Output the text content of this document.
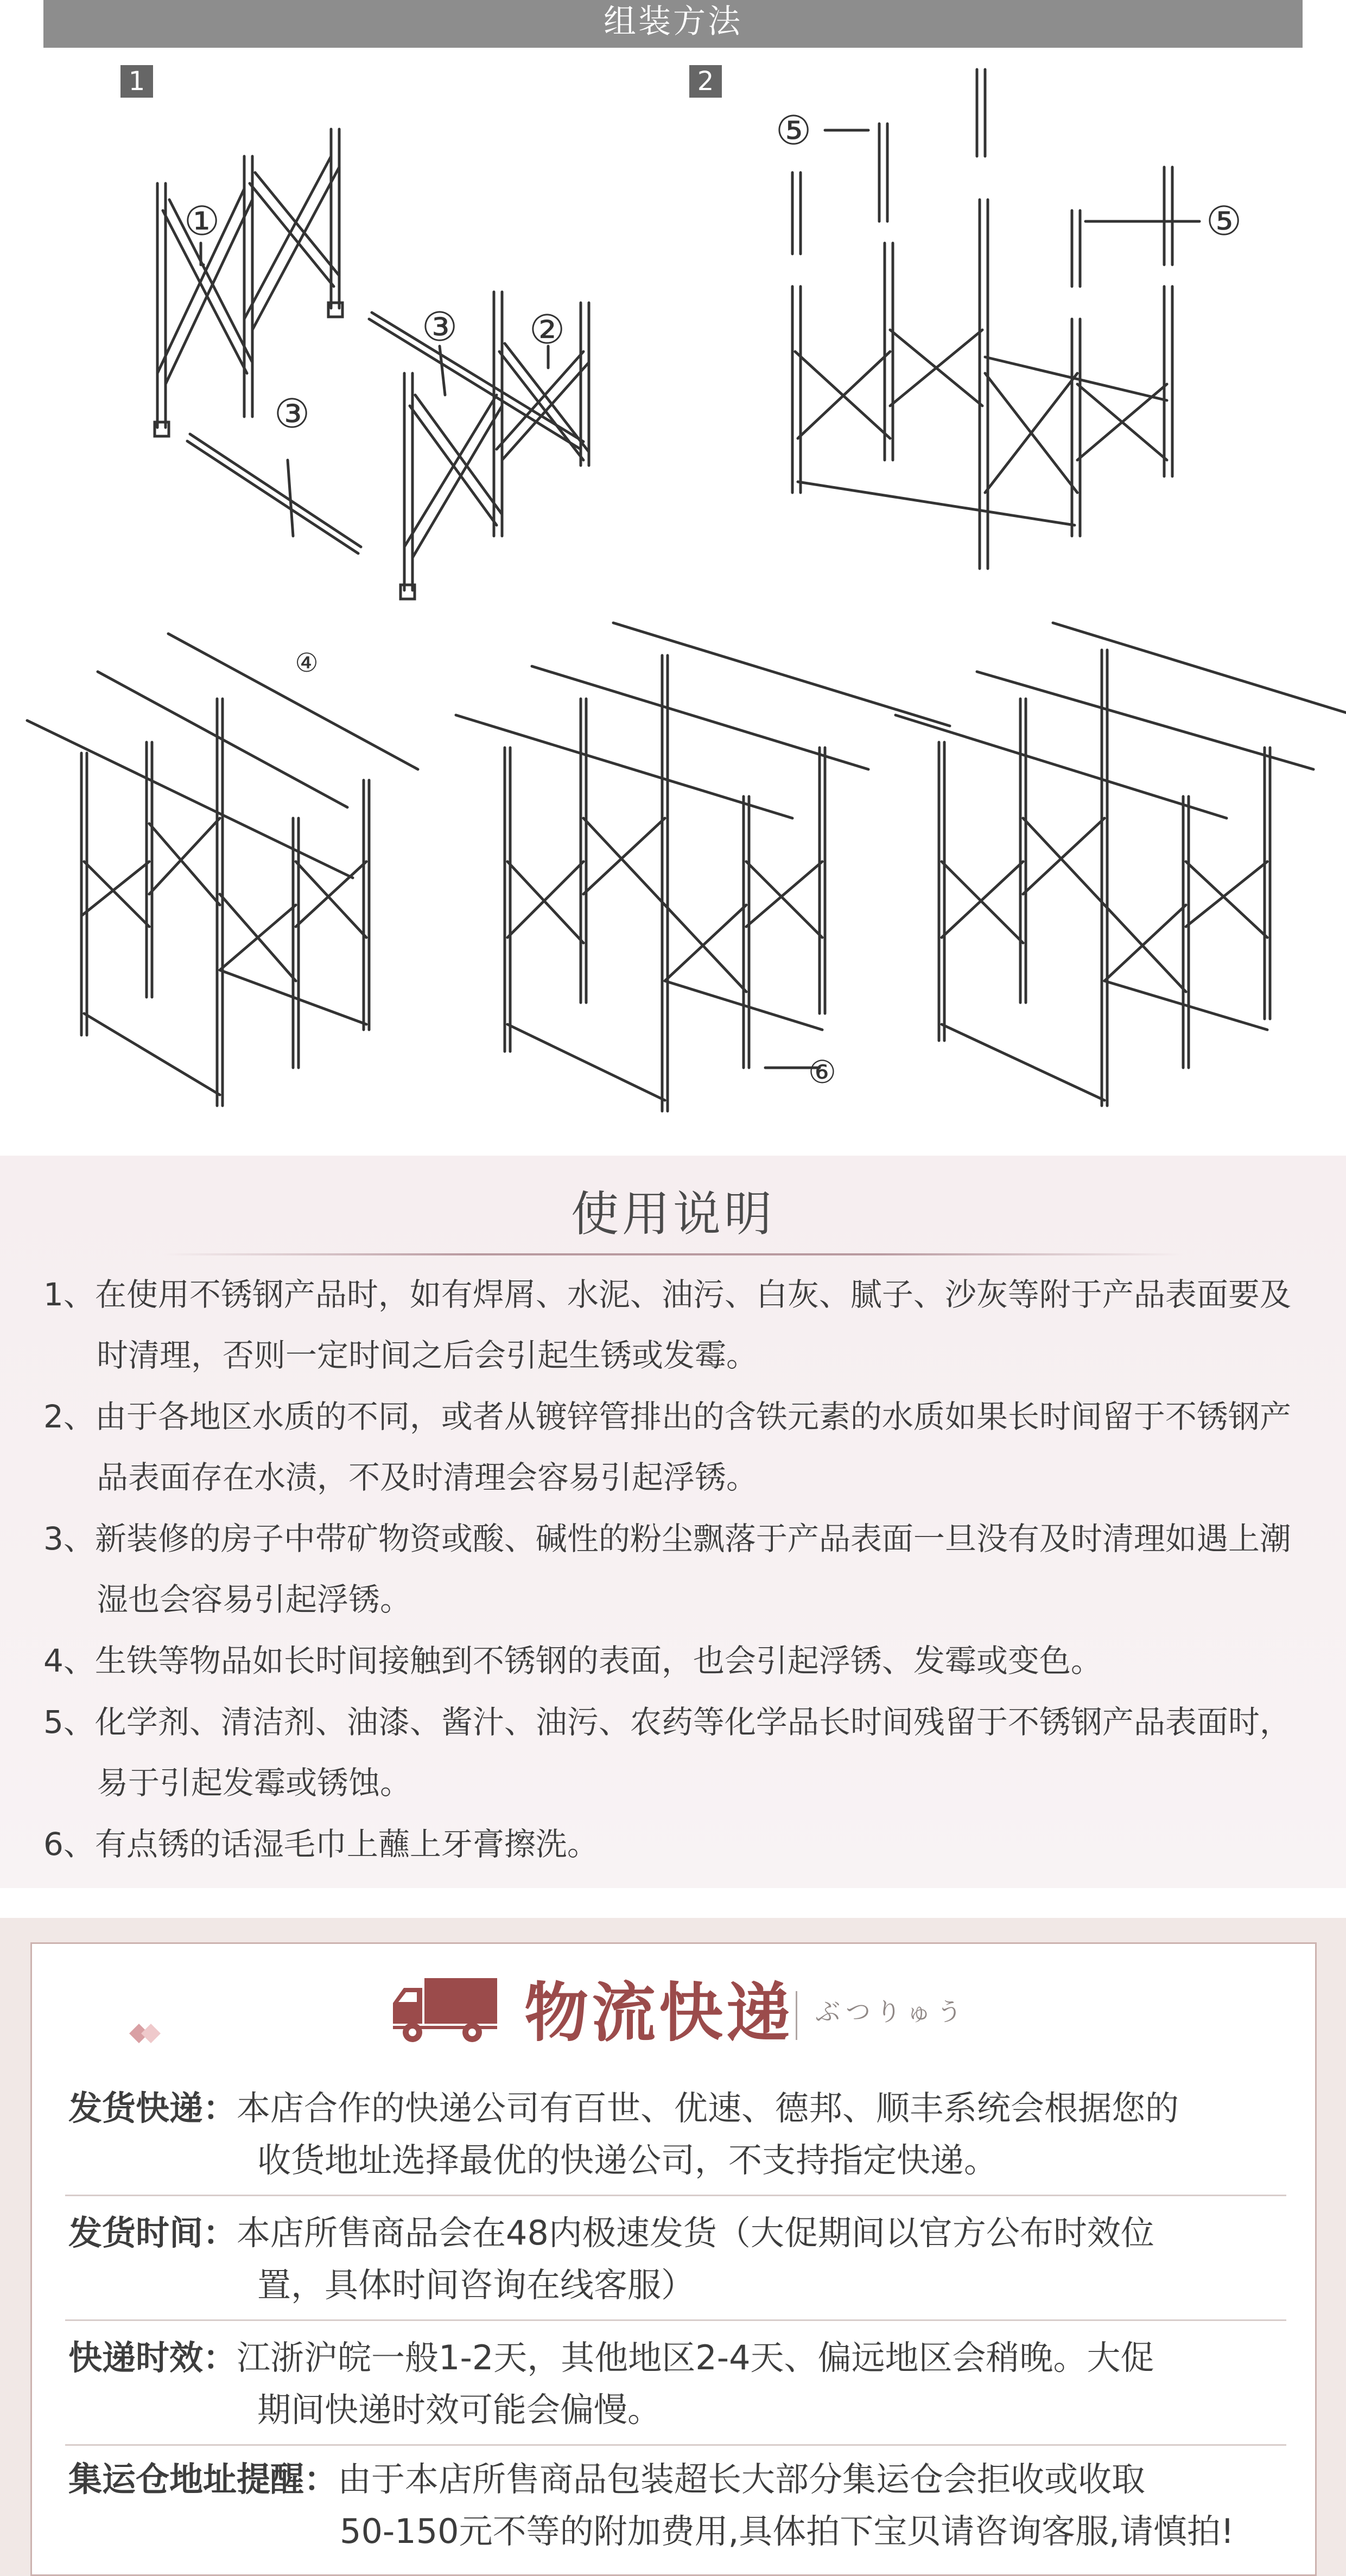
组装方法
1	2
①
③ ②
③
⑤
⑤
④
⑥
使用说明
1、在使用不锈钢产品时，如有焊屑、水泥、油污、白灰、腻子、沙灰等附于产品表面要及时清理，否则一定时间之后会引起生锈或发霉。
2、由于各地区水质的不同，或者从镀锌管排出的含铁元素的水质如果长时间留于不锈钢产品表面存在水渍，不及时清理会容易引起浮锈。
3、新装修的房子中带矿物资或酸、碱性的粉尘飘落于产品表面一旦没有及时清理如遇上潮湿也会容易引起浮锈。
4、生铁等物品如长时间接触到不锈钢的表面，也会引起浮锈、发霉或变色。
5、化学剂、清洁剂、油漆、酱汁、油污、农药等化学品长时间残留于不锈钢产品表面时，易于引起发霉或锈蚀。
6、有点锈的话湿毛巾上蘸上牙膏擦洗。
物流快递 ぶつりゅう
发货快递：本店合作的快递公司有百世、优速、德邦、顺丰系统会根据您的
收货地址选择最优的快递公司，不支持指定快递。
发货时间：本店所售商品会在48内极速发货（大促期间以官方公布时效位
置，具体时间咨询在线客服）
快递时效：江浙沪皖一般1-2天，其他地区2-4天、偏远地区会稍晚。大促
期间快递时效可能会偏慢。
集运仓地址提醒：由于本店所售商品包装超长大部分集运仓会拒收或收取
50-150元不等的附加费用,具体拍下宝贝请咨询客服,请慎拍!
